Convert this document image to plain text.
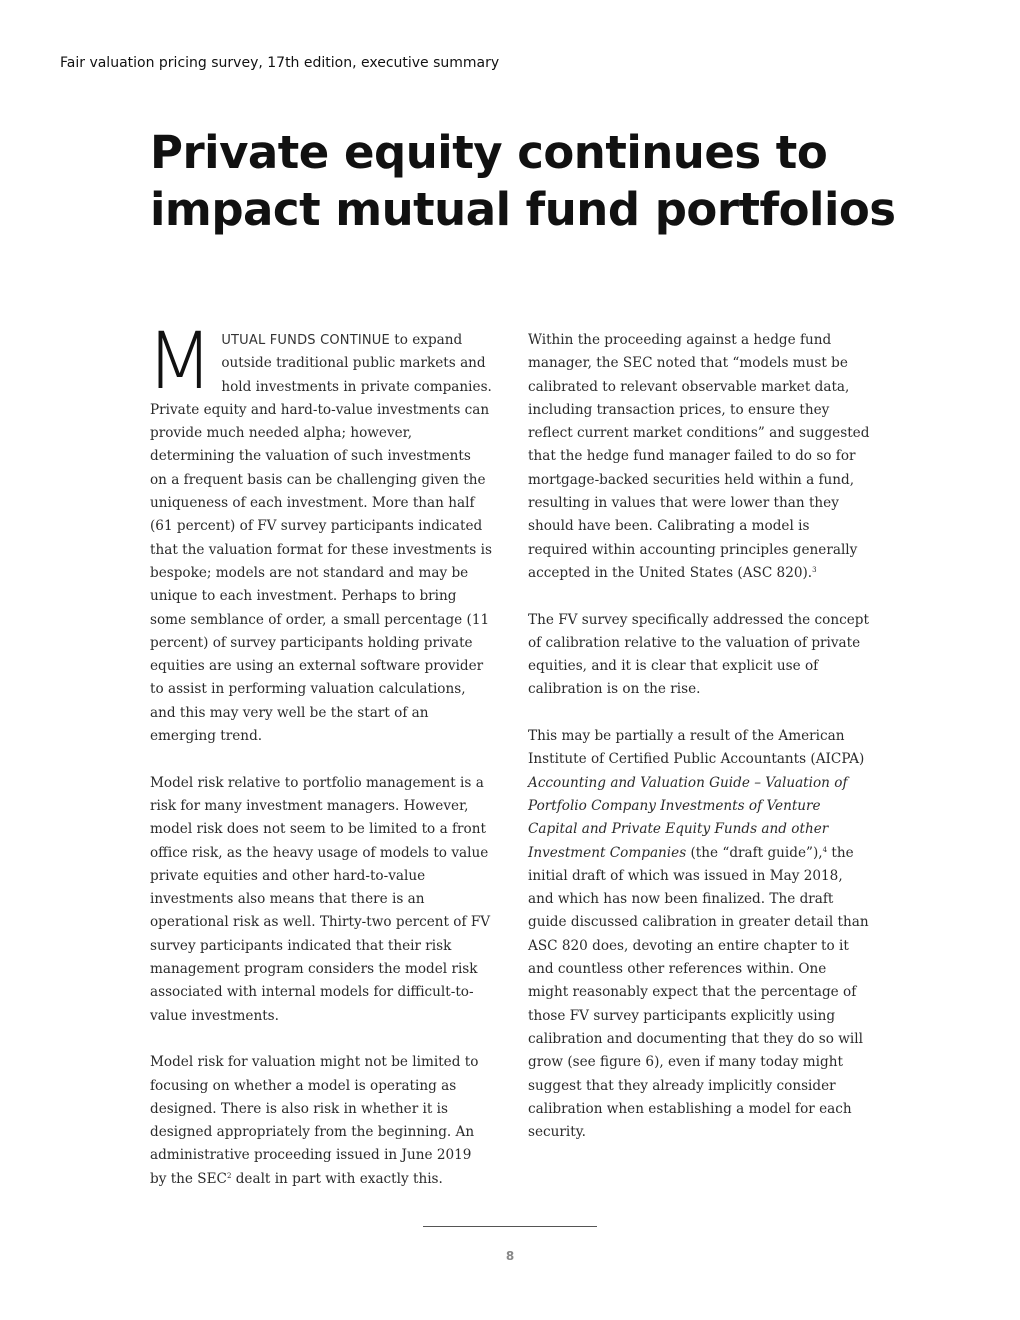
Fair valuation pricing survey, 17th edition, executive summary
Private equity continues to
impact mutual fund portfolios

MUTUAL FUNDS CONTINUE to expand outside traditional public markets and hold investments in private companies. Private equity and hard-to-value investments can provide much needed alpha; however, determining the valuation of such investments on a frequent basis can be challenging given the uniqueness of each investment. More than half (61 percent) of FV survey participants indicated that the valuation format for these investments is bespoke; models are not standard and may be unique to each investment. Perhaps to bring some semblance of order, a small percentage (11 percent) of survey participants holding private equities are using an external software provider to assist in performing valuation calculations, and this may very well be the start of an emerging trend.

Model risk relative to portfolio management is a risk for many investment managers. However, model risk does not seem to be limited to a front office risk, as the heavy usage of models to value private equities and other hard-to-value investments also means that there is an operational risk as well. Thirty-two percent of FV survey participants indicated that their risk management program considers the model risk associated with internal models for difficult-to-value investments.

Model risk for valuation might not be limited to focusing on whether a model is operating as designed. There is also risk in whether it is designed appropriately from the beginning. An administrative proceeding issued in June 2019 by the SEC$^2$ dealt in part with exactly this.

Within the proceeding against a hedge fund manager, the SEC noted that “models must be calibrated to relevant observable market data, including transaction prices, to ensure they reflect current market conditions” and suggested that the hedge fund manager failed to do so for mortgage-backed securities held within a fund, resulting in values that were lower than they should have been. Calibrating a model is required within accounting principles generally accepted in the United States (ASC 820).$^3$

The FV survey specifically addressed the concept of calibration relative to the valuation of private equities, and it is clear that explicit use of calibration is on the rise.

This may be partially a result of the American Institute of Certified Public Accountants (AICPA) Accounting and Valuation Guide – Valuation of Portfolio Company Investments of Venture Capital and Private Equity Funds and other Investment Companies (the “draft guide”),$^4$ the initial draft of which was issued in May 2018, and which has now been finalized. The draft guide discussed calibration in greater detail than ASC 820 does, devoting an entire chapter to it and countless other references within. One might reasonably expect that the percentage of those FV survey participants explicitly using calibration and documenting that they do so will grow (see figure 6), even if many today might suggest that they already implicitly consider calibration when establishing a model for each security.

8
